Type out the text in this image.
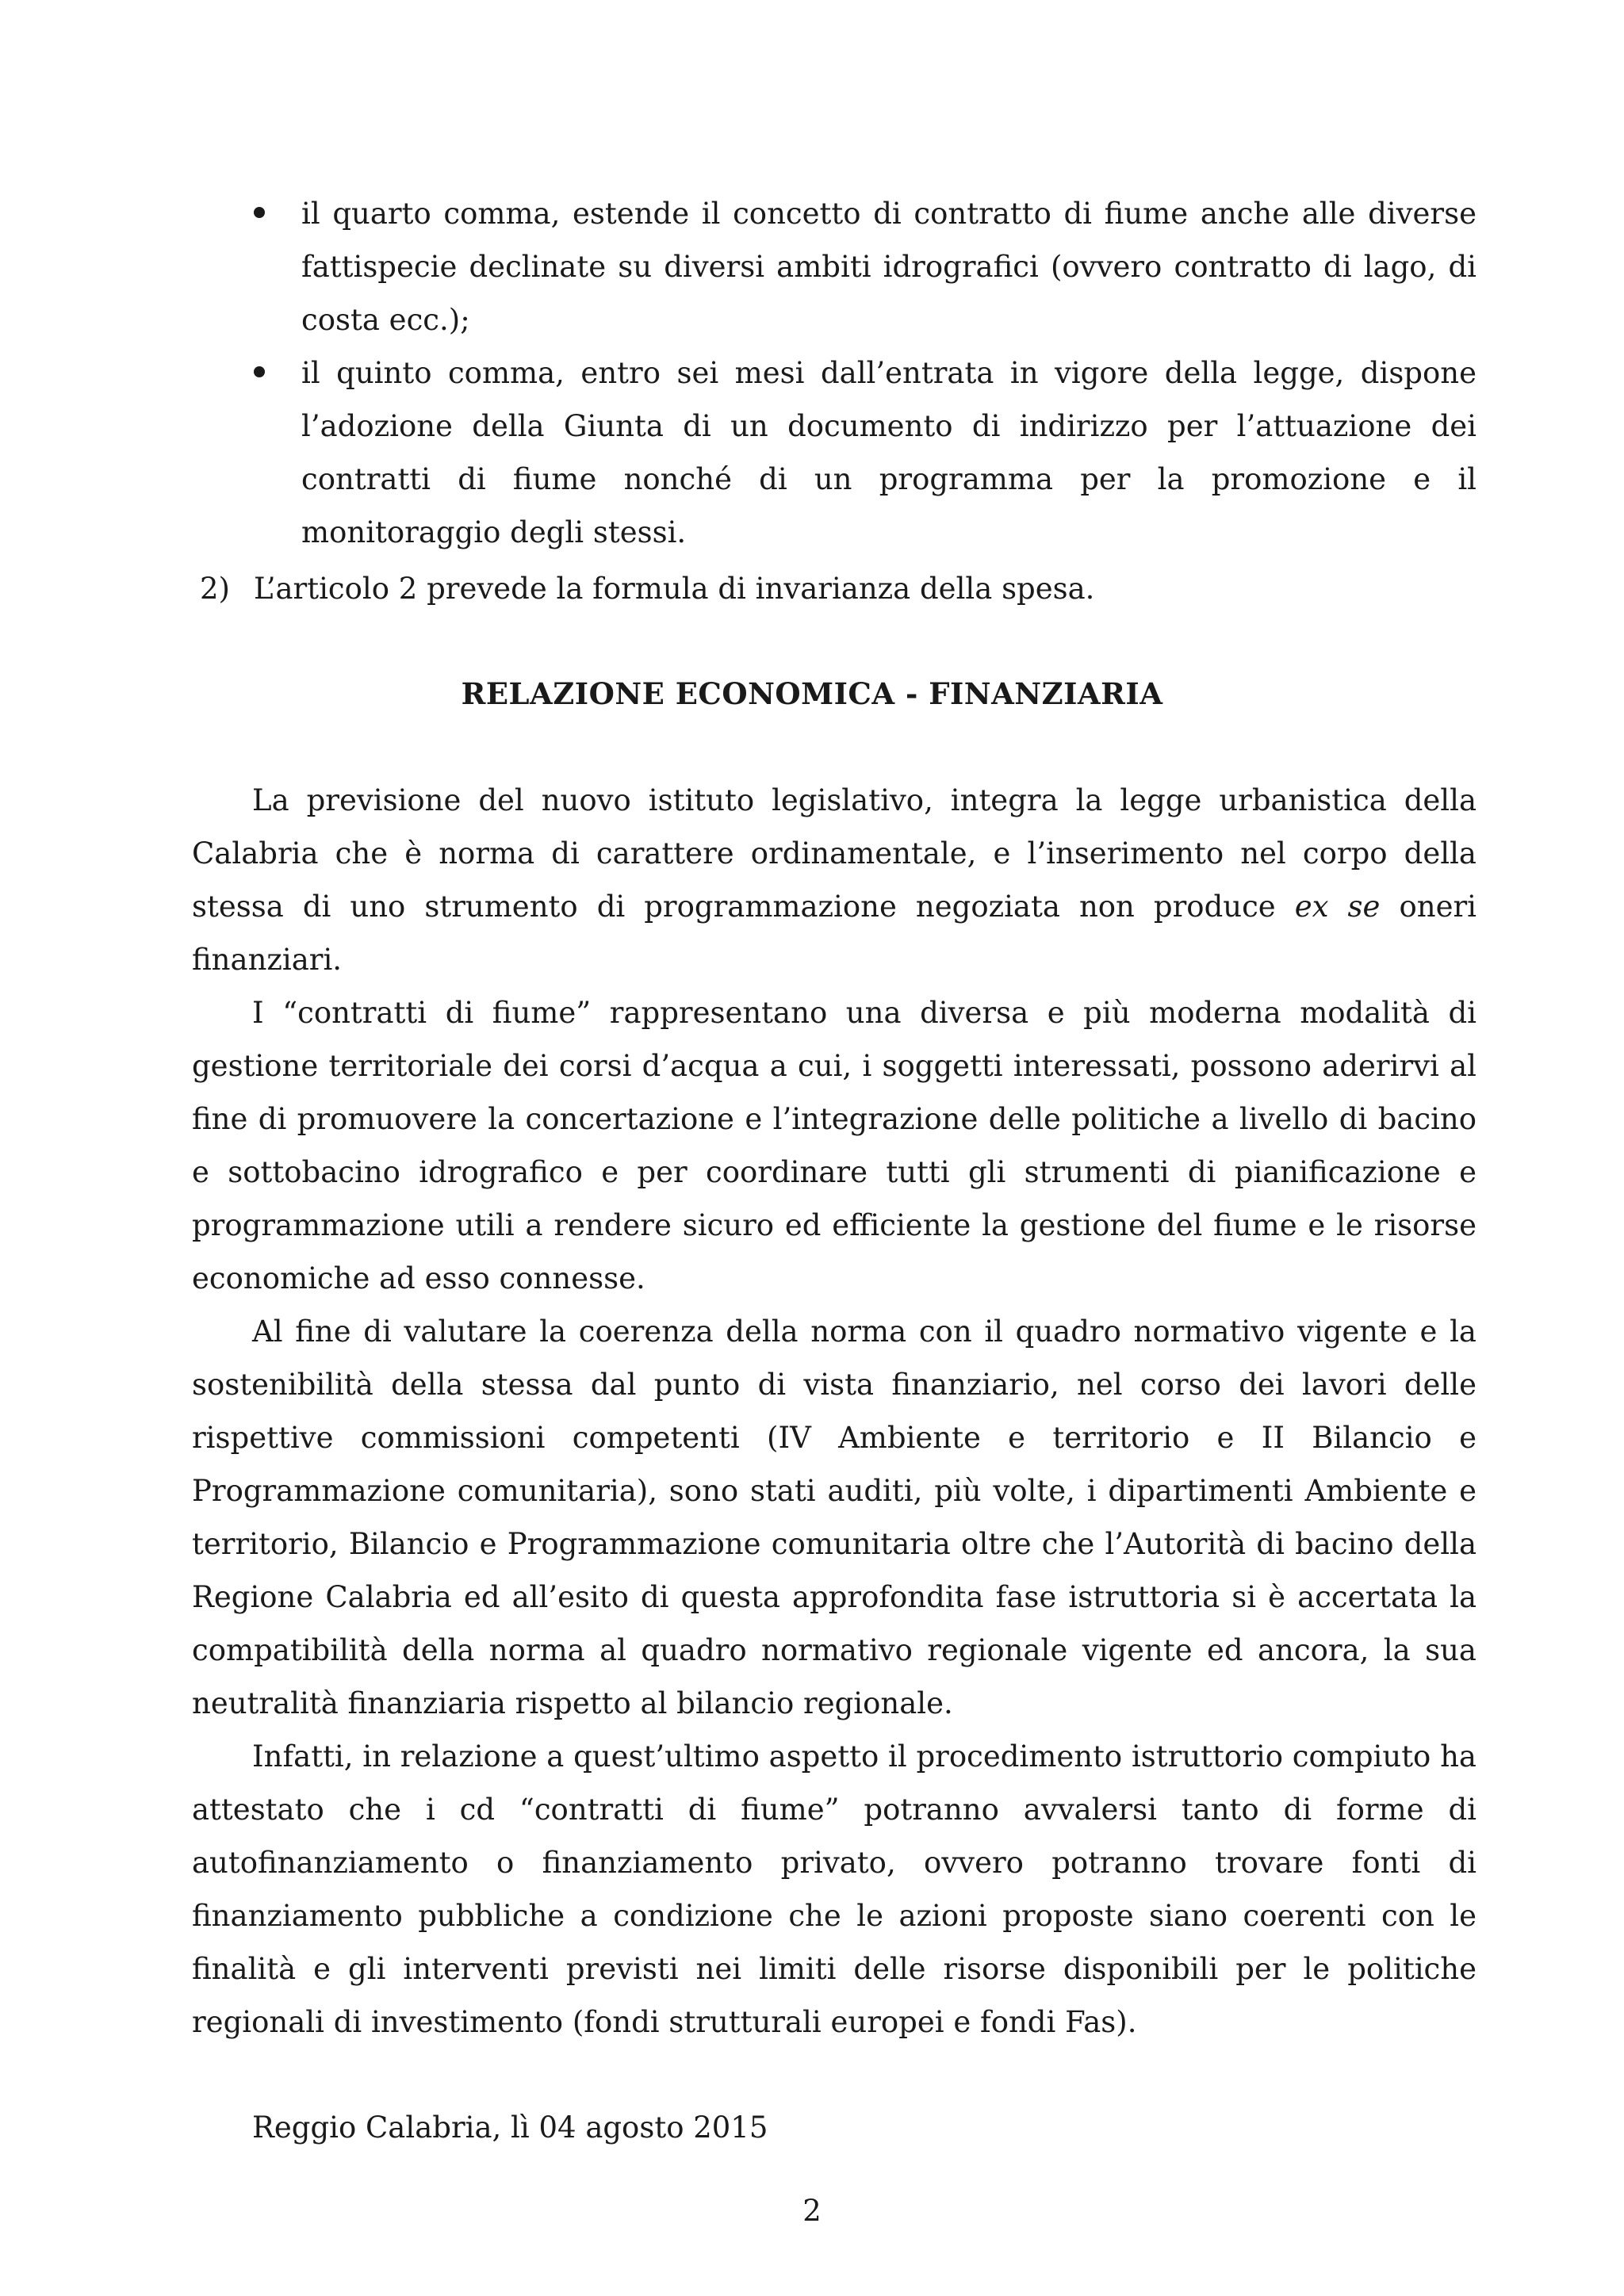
il quarto comma, estende il concetto di contratto di fiume anche alle diverse fattispecie declinate su diversi ambiti idrografici (ovvero contratto di lago, di costa ecc.);
il quinto comma, entro sei mesi dall’entrata in vigore della legge, dispone l’adozione della Giunta di un documento di indirizzo per l’attuazione dei contratti di fiume nonché di un programma per la promozione e il monitoraggio degli stessi.
2) L’articolo 2 prevede la formula di invarianza della spesa.
RELAZIONE ECONOMICA - FINANZIARIA

La previsione del nuovo istituto legislativo, integra la legge urbanistica della Calabria che è norma di carattere ordinamentale, e l’inserimento nel corpo della stessa di uno strumento di programmazione negoziata non produce ex se oneri finanziari.

I “contratti di fiume” rappresentano una diversa e più moderna modalità di gestione territoriale dei corsi d’acqua a cui, i soggetti interessati, possono aderirvi al fine di promuovere la concertazione e l’integrazione delle politiche a livello di bacino e sottobacino idrografico e per coordinare tutti gli strumenti di pianificazione e programmazione utili a rendere sicuro ed efficiente la gestione del fiume e le risorse economiche ad esso connesse.

Al fine di valutare la coerenza della norma con il quadro normativo vigente e la sostenibilità della stessa dal punto di vista finanziario, nel corso dei lavori delle rispettive commissioni competenti (IV Ambiente e territorio e II Bilancio e Programmazione comunitaria), sono stati auditi, più volte, i dipartimenti Ambiente e territorio, Bilancio e Programmazione comunitaria oltre che l’Autorità di bacino della Regione Calabria ed all’esito di questa approfondita fase istruttoria si è accertata la compatibilità della norma al quadro normativo regionale vigente ed ancora, la sua neutralità finanziaria rispetto al bilancio regionale.

Infatti, in relazione a quest’ultimo aspetto il procedimento istruttorio compiuto ha attestato che i cd “contratti di fiume” potranno avvalersi tanto di forme di autofinanziamento o finanziamento privato, ovvero potranno trovare fonti di finanziamento pubbliche a condizione che le azioni proposte siano coerenti con le finalità e gli interventi previsti nei limiti delle risorse disponibili per le politiche regionali di investimento (fondi strutturali europei e fondi Fas).

Reggio Calabria, lì 04 agosto 2015
2
